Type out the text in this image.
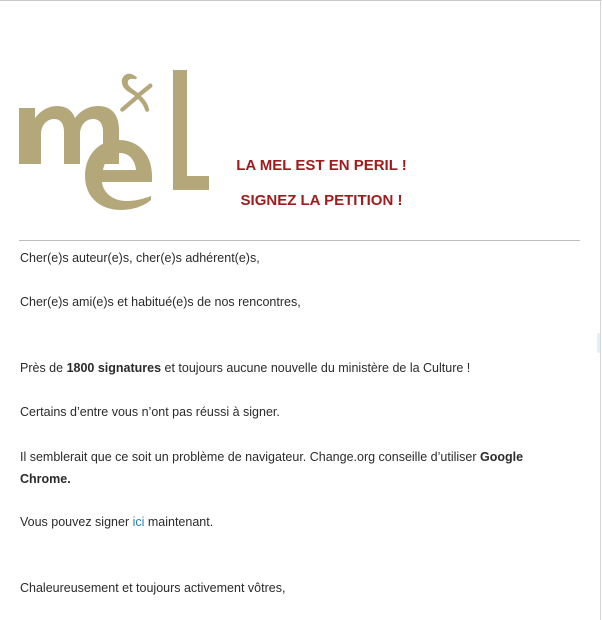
LA MEL EST EN PERIL !

SIGNEZ LA PETITION !

Cher(e)s auteur(e)s, cher(e)s adhérent(e)s,

Cher(e)s ami(e)s et habitué(e)s de nos rencontres,

Près de 1800 signatures et toujours aucune nouvelle du ministère de la Culture !

Certains d’entre vous n’ont pas réussi à signer.

Il semblerait que ce soit un problème de navigateur. Change.org conseille d’utiliser Google Chrome.

Vous pouvez signer ici maintenant.

Chaleureusement et toujours activement vôtres,
